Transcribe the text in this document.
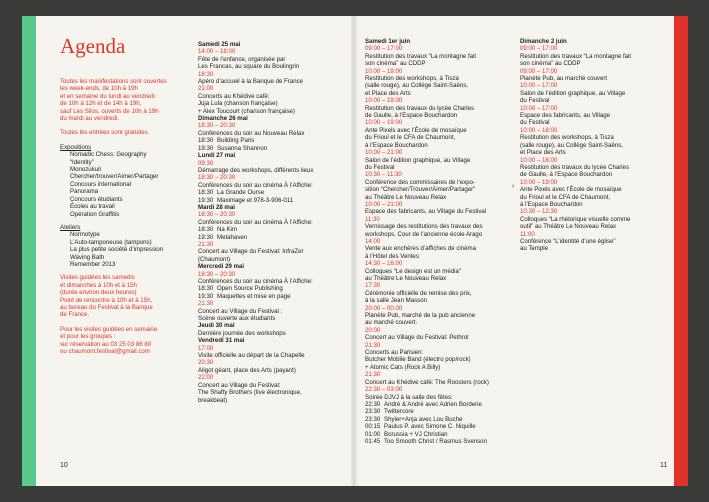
Agenda
Toutes les manifestations sont ouvertes
les week-ends, de 10h à 19h
et en semaine du lundi au vendredi
de 10h à 12h et de 14h à 19h,
sauf Les Silos, ouverts de 10h à 19h
du mardi au vendredi.
Toutes les entrées sont gratuites.
Expositions
Nomadic Chess: Geography
“Identity”
Monozukuri
Chercher/trouver/Aimer/Partager
Concours international
Panorama
Concours étudiants
Écoles au travail
Opération Graffitis
Ateliers
Normotype
L’Auto-tamponeuse (tampons)
La plus petite société d’impression
Waving Bath
Remember 2013
Visites guidées les samedis
et dimanches à 10h et à 15h
(durée environ deux heures)
Point de rencontre à 10h et à 15h,
au bureau du Festival à la Banque
de France.
Pour les visites guidées en semaine
et pour les groupes :
sur réservation au 03 25 03 86 80
ou chaumont.festival@gmail.com
Samedi 25 mai
14:00 – 18:00
Fête de l’enfance, organisée par
Les Francas, au square du Boulingrin
18:30
Apéro d’accueil à la Banque de France
21:00
Concerts au Khédive café:
Juja Lula (chanson française)
+ Alex Toucourt (chanson française)
Dimanche 26 mai
18:30 – 20:30
Conférences du soir au Nouveau Relax
18:30 Building Paris
19:30 Susanna Shannon
Lundi 27 mai
09:30
Démarrage des workshops, différents lieux
18:30 – 20:30
Conférences du soir au cinéma À l’Affiche:
18:30 La Grande Ourse
19:30 Maximage et 978-3-906-011
Mardi 28 mai
18:30 – 20:30
Conférences du soir au cinéma À l’Affiche:
18:30 Na Kim
19:30 Metahaven
21:30
Concert au Village du Festival: InfraZer
(Chaumont)
Mercredi 29 mai
18:30 – 20:30
Conférences du soir au cinéma À l’Affiche:
18:30 Open Source Publishing
19:30 Maquettes et mise en page
21:30
Concert au Village du Festival :
Scène ouverte aux étudiants
Jeudi 30 mai
Dernière journée des workshops
Vendredi 31 mai
17:00
Visite officielle au départ de la Chapelle
20:30
Aligot géant, place des Arts (payant)
22:00
Concert au Village du Festival:
The Shafty Brothers (live électronique,
breakbeat)
Samedi 1er juin
09:00 – 17:00
Restitution des travaux “La montagne fait
son cinéma” au CDDP
10:00 – 19:00
Restitution des workshops, à Tisza
(salle rouge), au Collège Saint-Saëns,
et Place des Arts
10:00 – 19:00
Restitution des travaux du lycée Charles
de Gaulle, à l’Espace Bouchardon
10:00 – 19:00
Ante Pixels avec l’École de mosaïque
du Frioul et le CFA de Chaumont,
à l’Espace Bouchardon
10:00 – 21:00
Salon de l’édition graphique, au Village
du Festival
10:30 – 11:30
Conférence des commissaires de l’expo-
sition “Chercher/Trouver/Aimer/Partager”
au Théâtre Le Nouveau Relax
10:00 – 21:00
Espace des fabricants, au Village du Festival
11:30
Vernissage des restitutions des travaux des
workshops, Cour de l’ancienne école Arago
14:00
Vente aux enchères d’affiches de cinéma
à l’Hôtel des Ventes
14:30 – 16:00
Colloques “Le design est un média”
au Théâtre Le Nouveau Relax
17:30
Cérémonie officielle de remise des prix,
à la salle Jean Masson
20:00 – 00:00
Planète Pub, marché de la pub ancienne
au marché couvert.
20:00
Concert au Village du Festival: Pethrol
21:30
Concerts au Parisien:
Butcher Mobile Band (électro pop/rock)
+ Atomic Cats (Rock A Billy)
21:30
Concert au Khédive café: The Roosters (rock)
22:30 – 03:00
Soirée DJVJ à la salle des fêtes:
22:30 André & André avec Adrien Borderie
23:30 Twittercore
23:30 Shyler+Anja avec Lou Buche
00:15 Paulus P. avec Simone C. Niquille
01:00 Borussia + VJ Christian
01:45 Too Smooth Christ / Rasmus Svenson
Dimanche 2 juin
09:00 – 17:00
Restitution des travaux “La montagne fait
son cinéma” au CDDP
09:00 – 17:00
Planète Pub, au marché couvert
10:00 – 17:00
Salon de l’édition graphique, au Village
du Festival
10:00 – 17:00
Espace des fabricants, au Village
du Festival
10:00 – 18:00
Restitution des workshops, à Tisza
(salle rouge), au Collège Saint-Saëns,
et Place des Arts
10:00 – 18:00
Restitution des travaux du lycée Charles
de Gaulle, à l’Espace Bouchardon
10:00 – 19:00
Ante Pixels avec l’École de mosaïque
du Frioul et le CFA de Chaumont,
à l’Espace Bouchardon
10:30 – 12:30
Colloques “La rhétorique visuelle comme
outil” au Théâtre Le Nouveau Relax
11:00
Conférence “L’identité d’une église”
au Temple
‹
10	11
